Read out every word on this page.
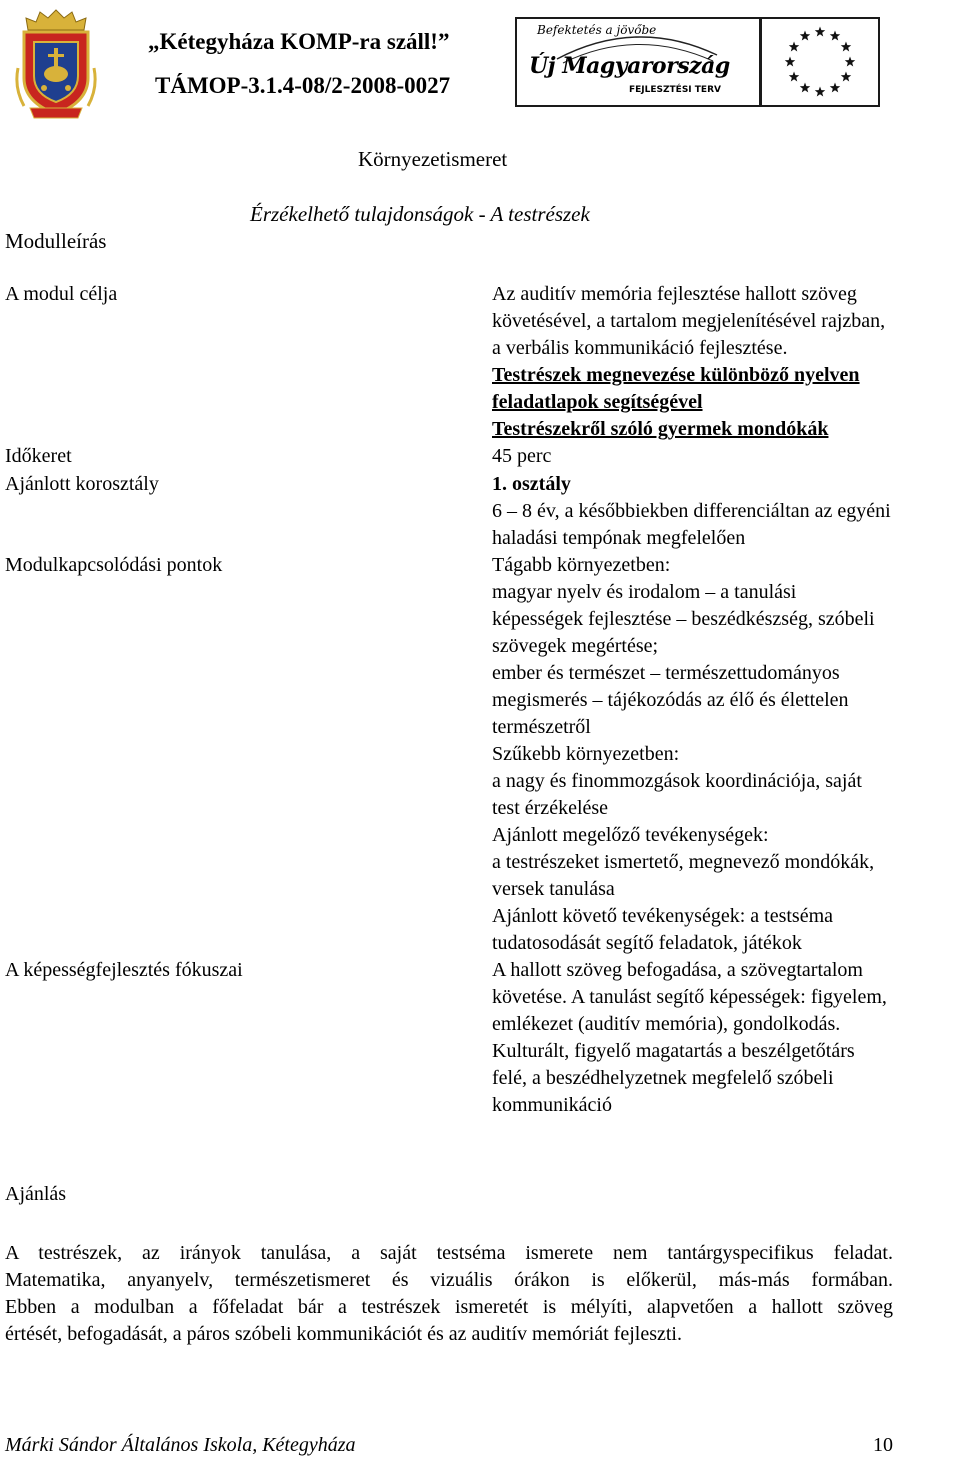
„Kétegyháza KOMP-ra száll!”
TÁMOP-3.1.4-08/2-2008-0027
Befektetés a jövőbe
Új Magyarország
FEJLESZTÉSI TERV
Környezetismeret
Érzékelhető tulajdonságok - A testrészek
Modulleírás
A modul célja
Időkeret
Ajánlott korosztály
Modulkapcsolódási pontok
A képességfejlesztés fókuszai
Az auditív memória fejlesztése hallott szöveg
követésével, a tartalom megjelenítésével rajzban,
a verbális kommunikáció fejlesztése.
Testrészek megnevezése különböző nyelven
feladatlapok segítségével
Testrészekről szóló gyermek mondókák
45 perc
1. osztály
6 – 8 év, a későbbiekben differenciáltan az egyéni
haladási tempónak megfelelően
Tágabb környezetben:
magyar nyelv és irodalom – a tanulási
képességek fejlesztése – beszédkészség, szóbeli
szövegek megértése;
ember és természet – természettudományos
megismerés – tájékozódás az élő és élettelen
természetről
Szűkebb környezetben:
a nagy és finommozgások koordinációja, saját
test érzékelése
Ajánlott megelőző tevékenységek:
a testrészeket ismertető, megnevező mondókák,
versek tanulása
Ajánlott követő tevékenységek: a testséma
tudatosodását segítő feladatok, játékok
A hallott szöveg befogadása, a szövegtartalom
követése. A tanulást segítő képességek: figyelem,
emlékezet (auditív memória), gondolkodás.
Kulturált, figyelő magatartás a beszélgetőtárs
felé, a beszédhelyzetnek megfelelő szóbeli
kommunikáció
Ajánlás
A testrészek, az irányok tanulása, a saját testséma ismerete nem tantárgyspecifikus feladat.
Matematika, anyanyelv, természetismeret és vizuális órákon is előkerül, más-más formában.
Ebben a modulban a főfeladat bár a testrészek ismeretét is mélyíti, alapvetően a hallott szöveg
értését, befogadását, a páros szóbeli kommunikációt és az auditív memóriát fejleszti.
Márki Sándor Általános Iskola, Kétegyháza	10
